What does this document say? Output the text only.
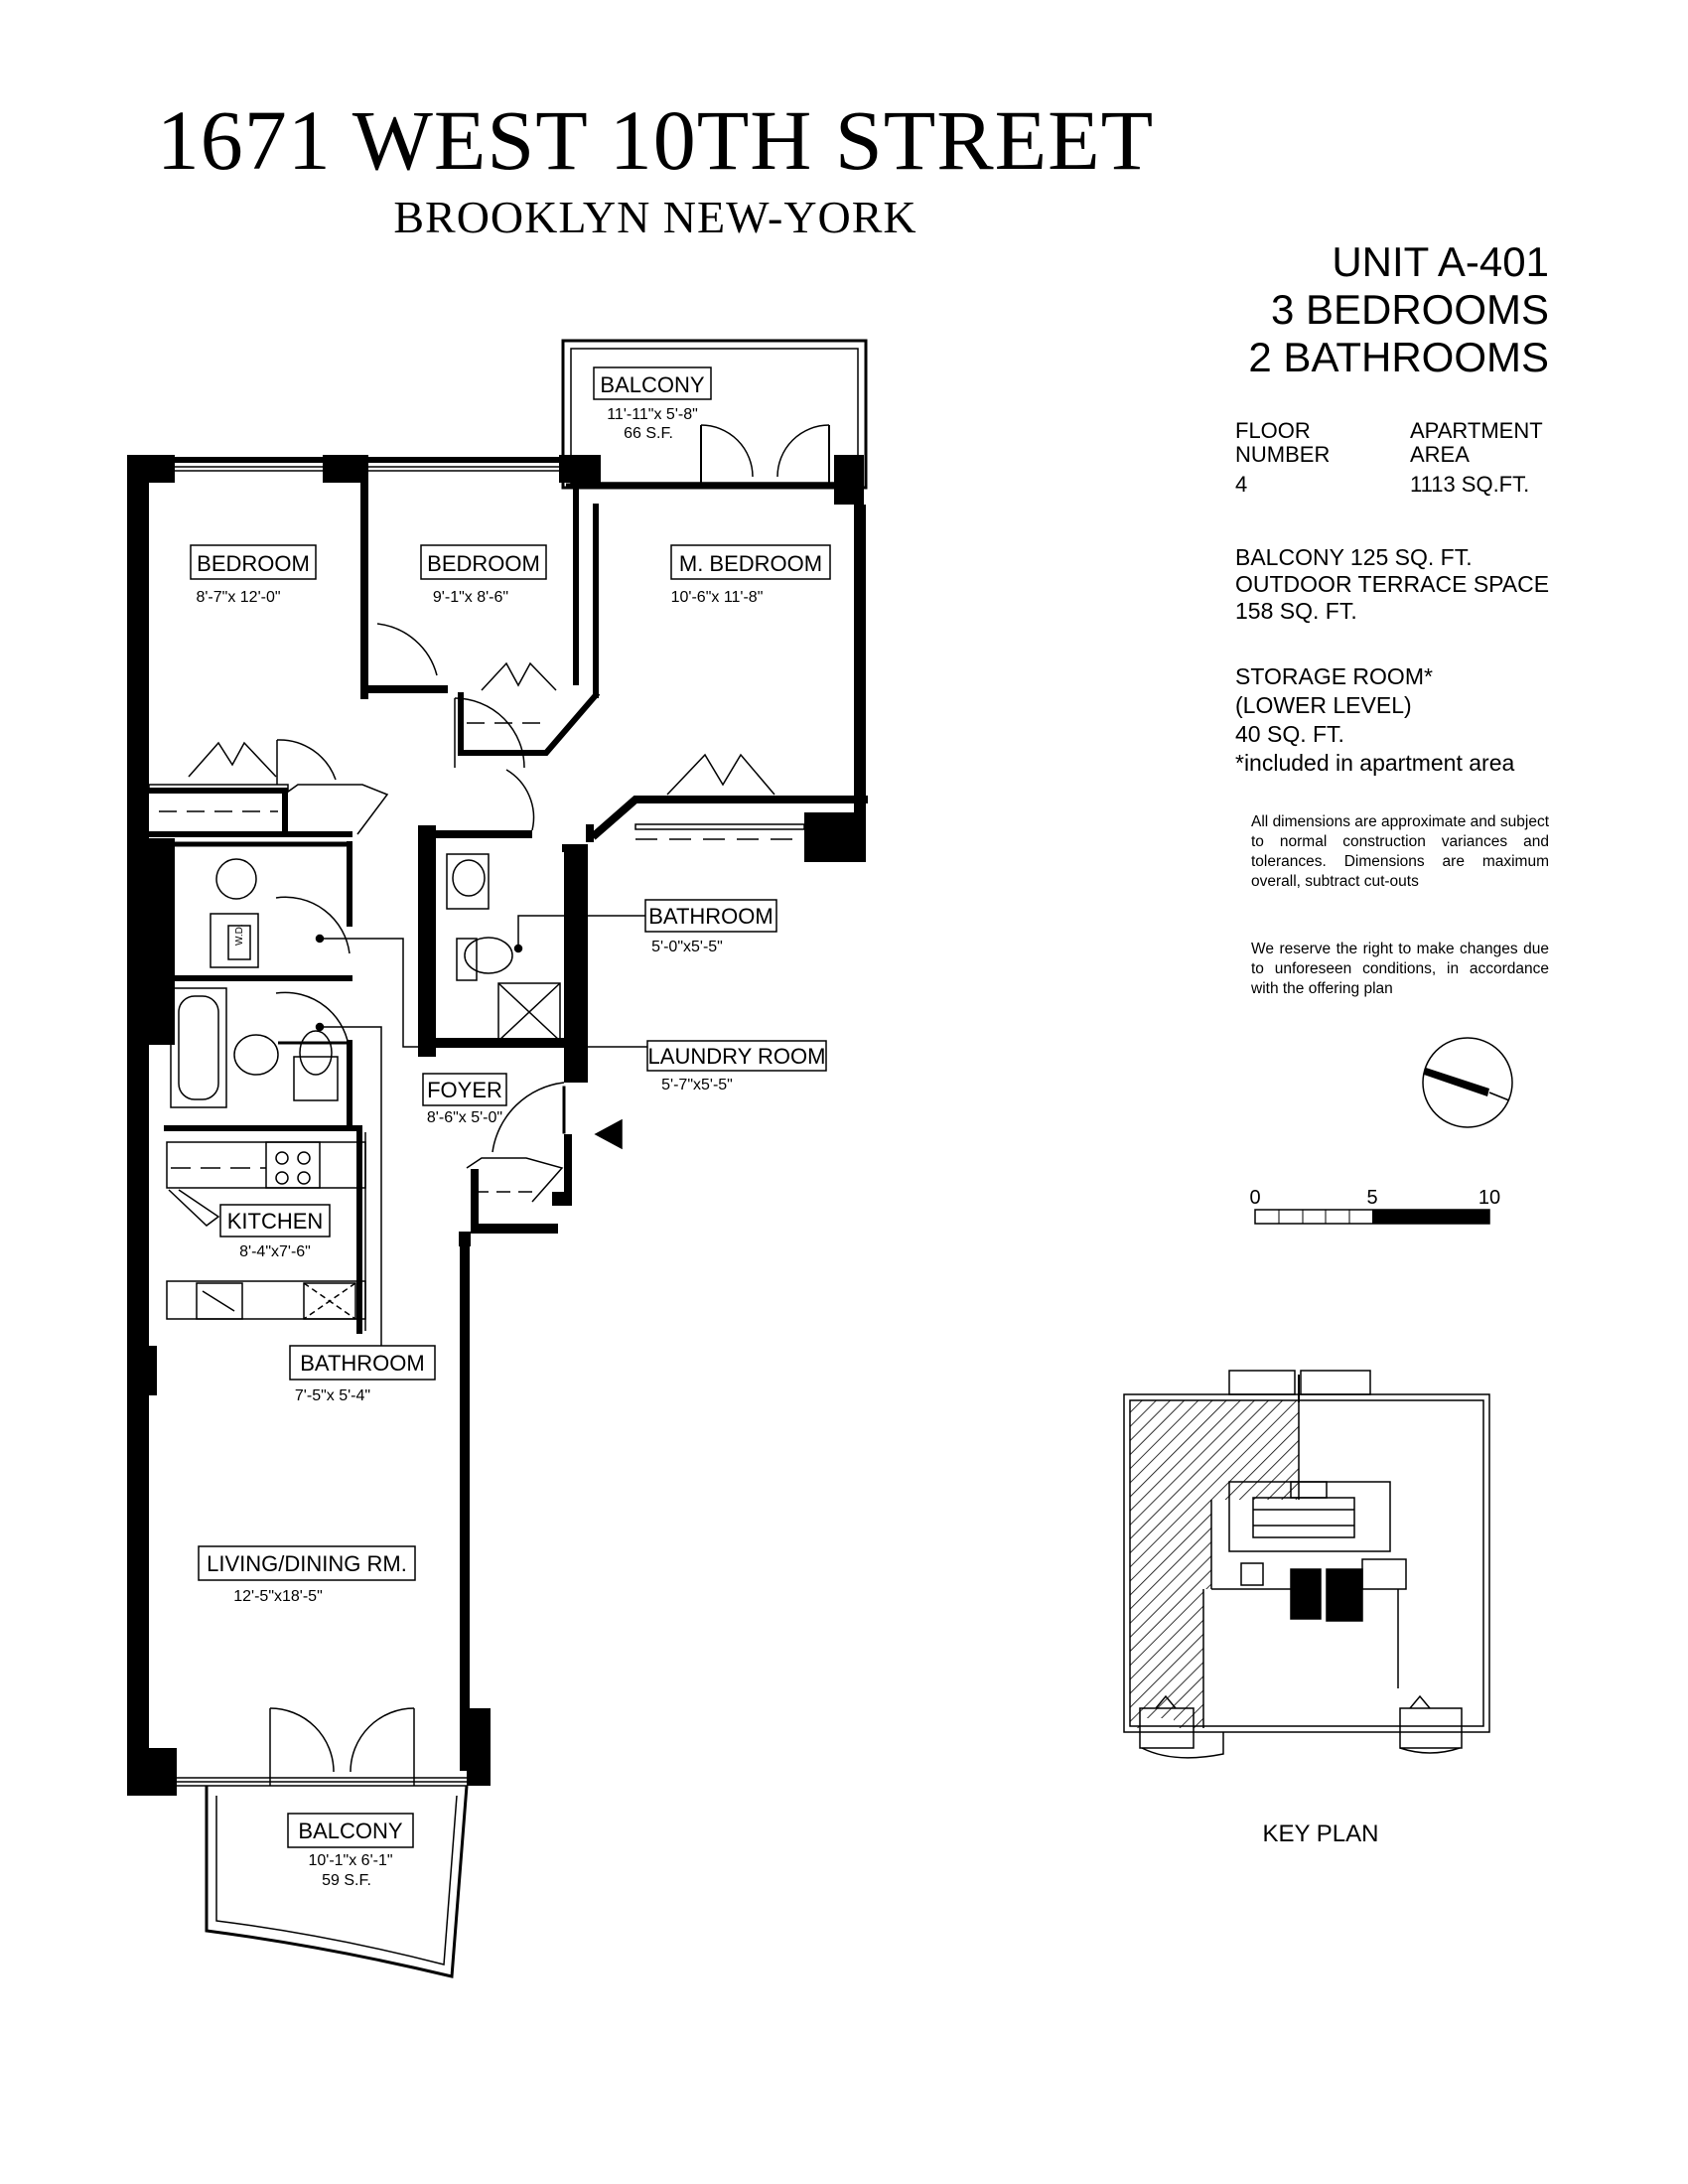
1671 WEST 10TH STREET
BROOKLYN NEW-YORK
UNIT A-401
3 BEDROOMS
2 BATHROOMS
FLOOR
NUMBER
4
APARTMENT
AREA
1113 SQ.FT.
BALCONY 125 SQ. FT.
OUTDOOR TERRACE SPACE
158 SQ. FT.
STORAGE ROOM*
(LOWER LEVEL)
40 SQ. FT.
*included in apartment area
All dimensions are approximate and subject to normal construction variances and tolerances. Dimensions are maximum overall, subtract cut-outs
We reserve the right to make changes due to unforeseen conditions, in accordance with the offering plan
KEY PLAN
W.D.
BALCONY
11'-11"x 5'-8"
66 S.F.
BEDROOM
8'-7"x 12'-0"
BEDROOM
9'-1"x 8'-6"
M. BEDROOM
10'-6"x 11'-8"
BATHROOM
5'-0"x5'-5"
LAUNDRY ROOM
5'-7"x5'-5"
FOYER
8'-6"x 5'-0"
KITCHEN
8'-4"x7'-6"
BATHROOM
7'-5"x 5'-4"
LIVING/DINING RM.
12'-5"x18'-5"
BALCONY
10'-1"x 6'-1"
59 S.F.
0	5	10
